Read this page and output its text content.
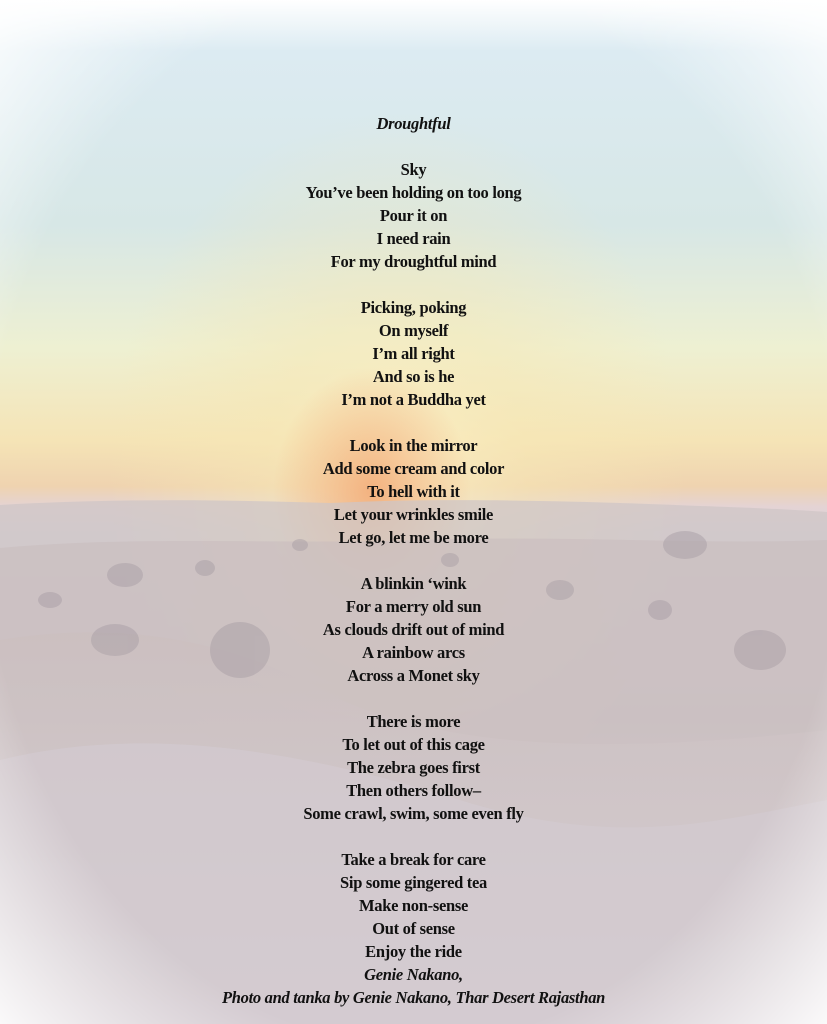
Droughtful
Sky
You’ve been holding on too long
Pour it on
I need rain
For my droughtful mind
Picking, poking
On myself
I’m all right
And so is he
I’m not a Buddha yet
Look in the mirror
Add some cream and color
To hell with it
Let your wrinkles smile
Let go, let me be more
A blinkin ‘wink
For a merry old sun
As clouds drift out of mind
A rainbow arcs
Across a Monet sky
There is more
To let out of this cage
The zebra goes first
Then others follow–
Some crawl, swim, some even fly
Take a break for care
Sip some gingered tea
Make non-sense
Out of sense
Enjoy the ride
Genie Nakano,
Photo and tanka by Genie Nakano, Thar Desert Rajasthan
